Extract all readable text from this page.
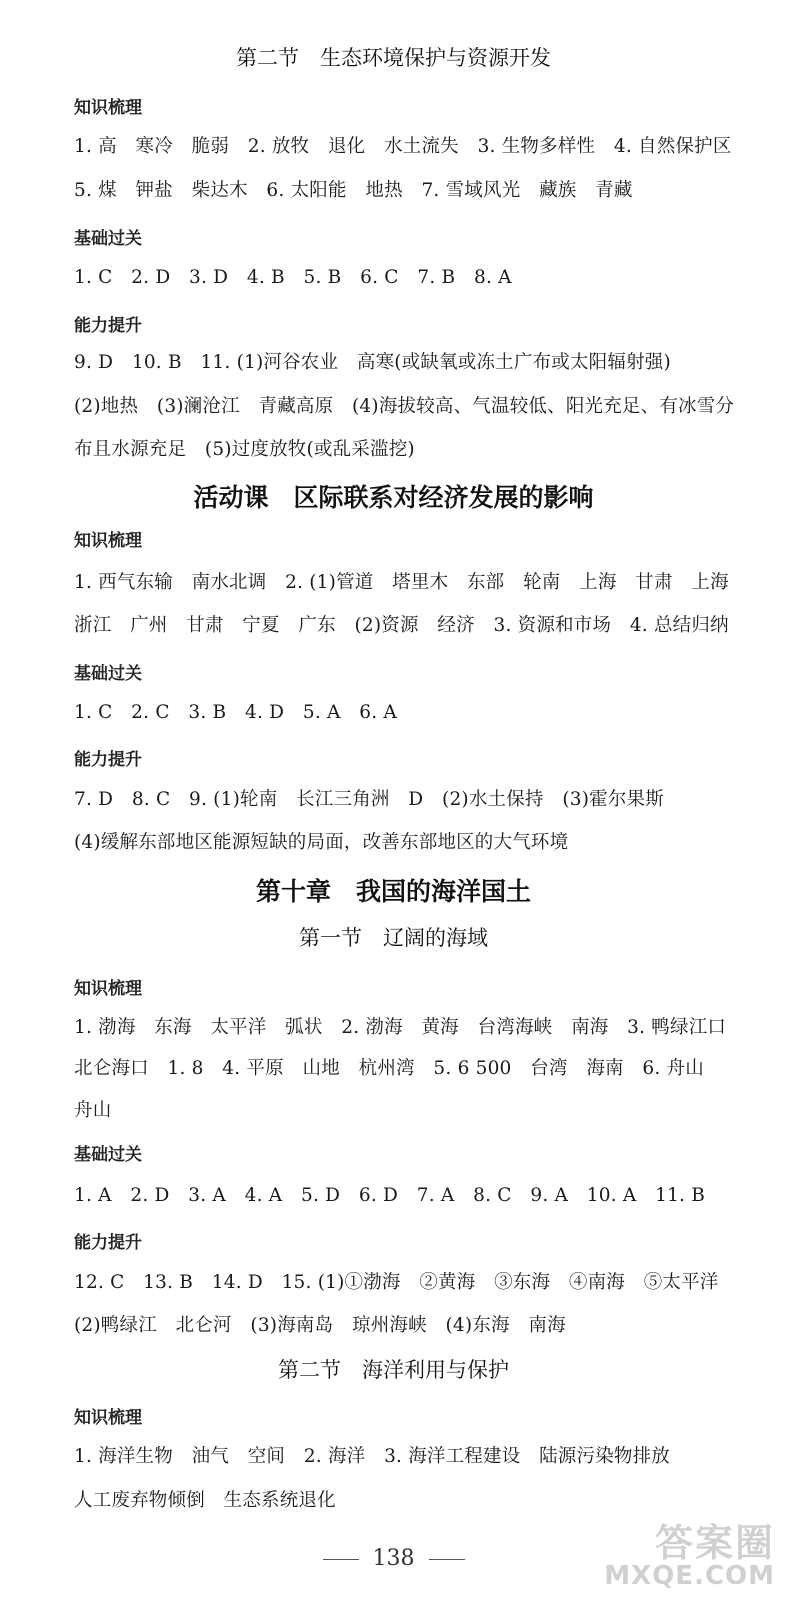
第二节　生态环境保护与资源开发
知识梳理
1. 高　寒冷　脆弱　2. 放牧　退化　水土流失　3. 生物多样性　4. 自然保护区
5. 煤　钾盐　柴达木　6. 太阳能　地热　7. 雪域风光　藏族　青藏
基础过关
1. C　2. D　3. D　4. B　5. B　6. C　7. B　8. A
能力提升
9. D　10. B　11. (1)河谷农业　高寒(或缺氧或冻土广布或太阳辐射强)
(2)地热　(3)澜沧江　青藏高原　(4)海拔较高、气温较低、阳光充足、有冰雪分
布且水源充足　(5)过度放牧(或乱采滥挖)
活动课　区际联系对经济发展的影响
知识梳理
1. 西气东输　南水北调　2. (1)管道　塔里木　东部　轮南　上海　甘肃　上海
浙江　广州　甘肃　宁夏　广东　(2)资源　经济　3. 资源和市场　4. 总结归纳
基础过关
1. C　2. C　3. B　4. D　5. A　6. A
能力提升
7. D　8. C　9. (1)轮南　长江三角洲　D　(2)水土保持　(3)霍尔果斯
(4)缓解东部地区能源短缺的局面，改善东部地区的大气环境
第十章　我国的海洋国土
第一节　辽阔的海域
知识梳理
1. 渤海　东海　太平洋　弧状　2. 渤海　黄海　台湾海峡　南海　3. 鸭绿江口
北仑海口　1. 8　4. 平原　山地　杭州湾　5. 6 500　台湾　海南　6. 舟山
舟山
基础过关
1. A　2. D　3. A　4. A　5. D　6. D　7. A　8. C　9. A　10. A　11. B
能力提升
12. C　13. B　14. D　15. (1)①渤海　②黄海　③东海　④南海　⑤太平洋
(2)鸭绿江　北仑河　(3)海南岛　琼州海峡　(4)东海　南海
第二节　海洋利用与保护
知识梳理
1. 海洋生物　油气　空间　2. 海洋　3. 海洋工程建设　陆源污染物排放
人工废弃物倾倒　生态系统退化
138	答案圈
MXQE.COM
